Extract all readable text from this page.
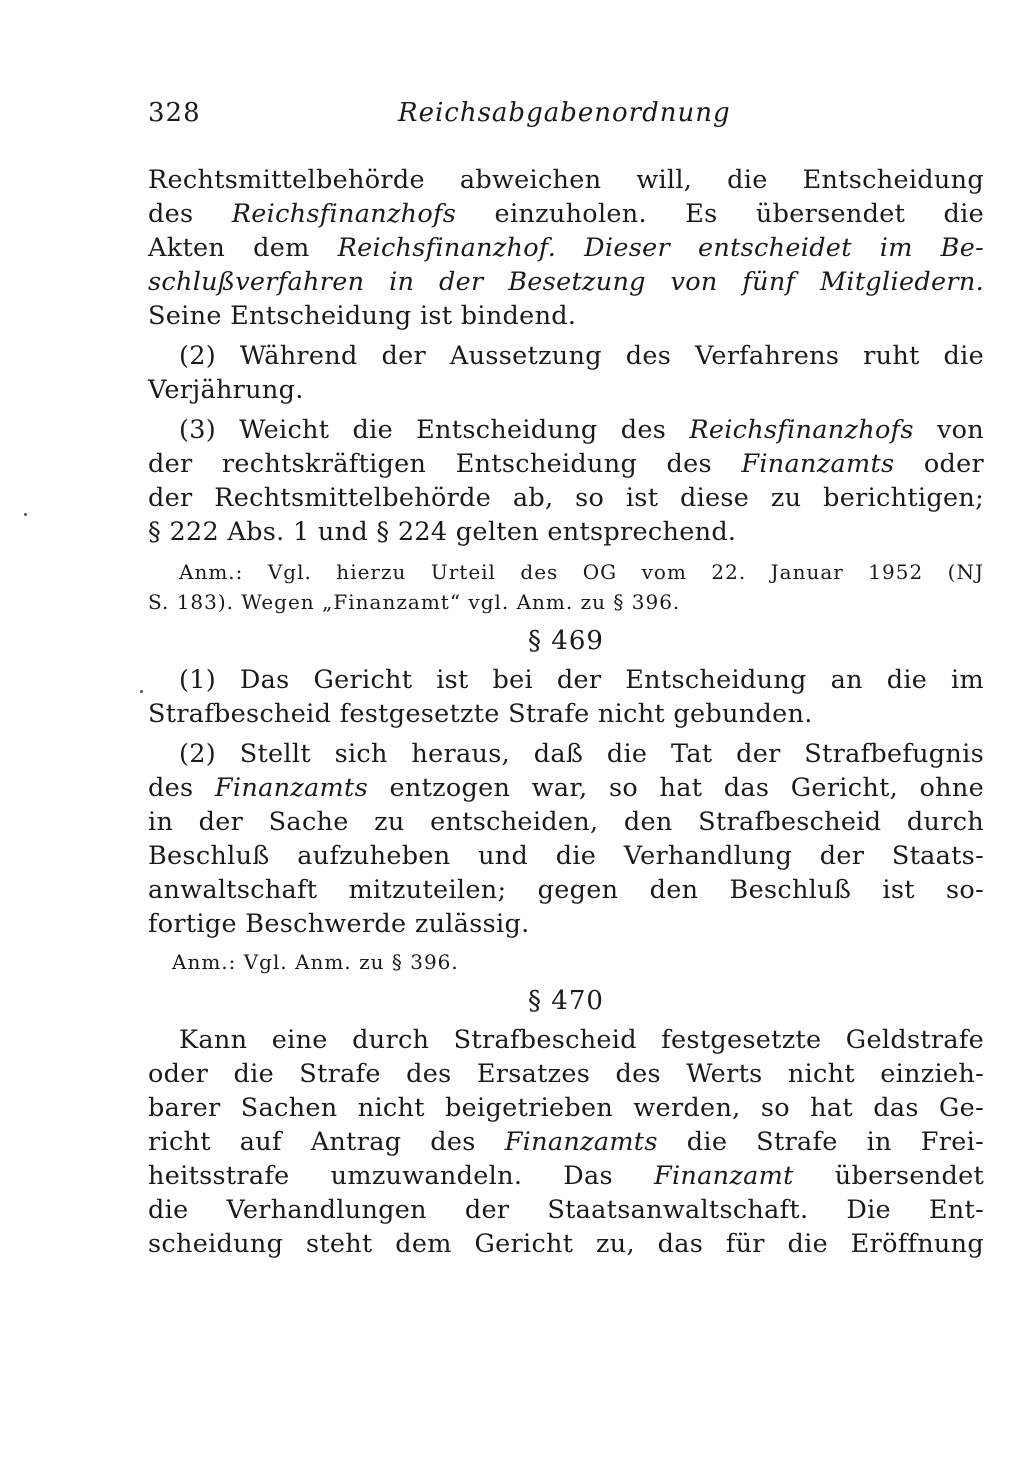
328	Reichsabgabenordnung
Rechtsmittelbehörde abweichen will, die Entscheidung
des Reichsfinanzhofs einzuholen. Es übersendet die
Akten dem Reichsfinanzhof. Dieser entscheidet im Be-
schlußverfahren in der Besetzung von fünf Mitgliedern.
Seine Entscheidung ist bindend.
(2) Während der Aussetzung des Verfahrens ruht die
Verjährung.
(3) Weicht die Entscheidung des Reichsfinanzhofs von
der rechtskräftigen Entscheidung des Finanzamts oder
der Rechtsmittelbehörde ab, so ist diese zu berichtigen;
§ 222 Abs. 1 und § 224 gelten entsprechend.
Anm.: Vgl. hierzu Urteil des OG vom 22. Januar 1952 (NJ
S. 183). Wegen „Finanzamt“ vgl. Anm. zu § 396.
§ 469
(1) Das Gericht ist bei der Entscheidung an die im
Strafbescheid festgesetzte Strafe nicht gebunden.
(2) Stellt sich heraus, daß die Tat der Strafbefugnis
des Finanzamts entzogen war, so hat das Gericht, ohne
in der Sache zu entscheiden, den Strafbescheid durch
Beschluß aufzuheben und die Verhandlung der Staats-
anwaltschaft mitzuteilen; gegen den Beschluß ist so-
fortige Beschwerde zulässig.
Anm.: Vgl. Anm. zu § 396.
§ 470
Kann eine durch Strafbescheid festgesetzte Geldstrafe
oder die Strafe des Ersatzes des Werts nicht einzieh-
barer Sachen nicht beigetrieben werden, so hat das Ge-
richt auf Antrag des Finanzamts die Strafe in Frei-
heitsstrafe umzuwandeln. Das Finanzamt übersendet
die Verhandlungen der Staatsanwaltschaft. Die Ent-
scheidung steht dem Gericht zu, das für die Eröffnung
